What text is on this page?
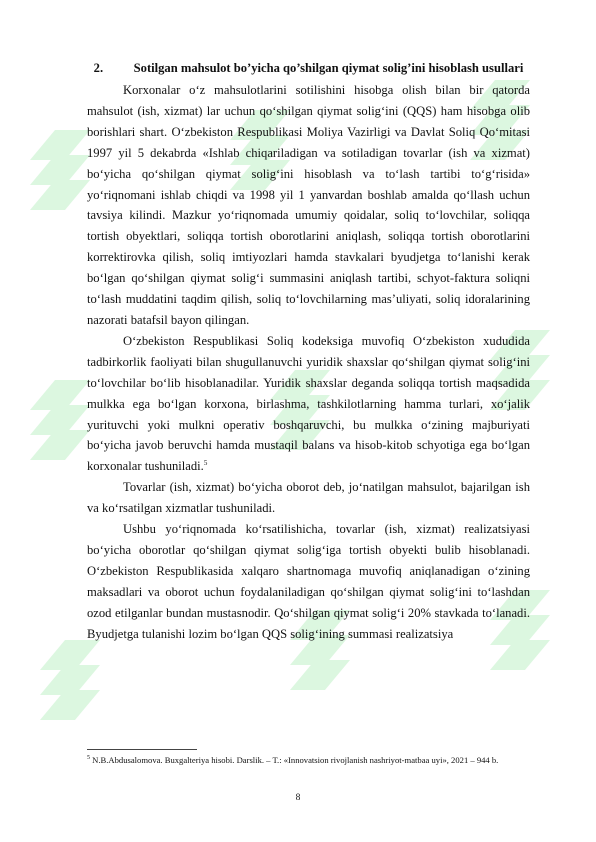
2. Sotilgan mahsulot bo’yicha qo’shilgan qiymat solig’ini hisoblash usullari

Korxonalar o‘z mahsulotlarini sotilishini hisobga olish bilan bir qatorda mahsulot (ish, xizmat) lar uchun qo‘shilgan qiymat solig‘ini (QQS) ham hisobga olib borishlari shart. O‘zbekiston Respublikasi Moliya Vazirligi va Davlat Soliq Qo‘mitasi 1997 yil 5 dekabrda «Ishlab chiqariladigan va sotiladigan tovarlar (ish va xizmat) bo‘yicha qo‘shilgan qiymat solig‘ini hisoblash va to‘lash tartibi to‘g‘risida» yo‘riqnomani ishlab chiqdi va 1998 yil 1 yanvardan boshlab amalda qo‘llash uchun tavsiya kilindi. Mazkur yo‘riqnomada umumiy qoidalar, soliq to‘lovchilar, soliqqa tortish obyektlari, soliqqa tortish oborotlarini aniqlash, soliqqa tortish oborotlarini korrektirovka qilish, soliq imtiyozlari hamda stavkalari byudjetga to‘lanishi kerak bo‘lgan qo‘shilgan qiymat solig‘i summasini aniqlash tartibi, schyot-faktura soliqni to‘lash muddatini taqdim qilish, soliq to‘lovchilarning mas’uliyati, soliq idoralarining nazorati batafsil bayon qilingan.

O‘zbekiston Respublikasi Soliq kodeksiga muvofiq O‘zbekiston xududida tadbirkorlik faoliyati bilan shugullanuvchi yuridik shaxslar qo‘shilgan qiymat solig‘ini to‘lovchilar bo‘lib hisoblanadilar. Yuridik shaxslar deganda soliqqa tortish maqsadida mulkka ega bo‘lgan korxona, birlashma, tashkilotlarning hamma turlari, xo‘jalik yurituvchi yoki mulkni operativ boshqaruvchi, bu mulkka o‘zining majburiyati bo‘yicha javob beruvchi hamda mustaqil balans va hisob-kitob schyotiga ega bo‘lgan korxonalar tushuniladi.$^5$

Tovarlar (ish, xizmat) bo‘yicha oborot deb, jo‘natilgan mahsulot, bajarilgan ish va ko‘rsatilgan xizmatlar tushuniladi.

Ushbu yo‘riqnomada ko‘rsatilishicha, tovarlar (ish, xizmat) realizatsiyasi bo‘yicha oborotlar qo‘shilgan qiymat solig‘iga tortish obyekti bulib hisoblanadi. O‘zbekiston Respublikasida xalqaro shartnomaga muvofiq aniqlanadigan o‘zining maksadlari va oborot uchun foydalaniladigan qo‘shilgan qiymat solig‘ini to‘lashdan ozod etilganlar bundan mustasnodir. Qo‘shilgan qiymat solig‘i 20% stavkada to‘lanadi. Byudjetga tulanishi lozim bo‘lgan QQS solig‘ining summasi realizatsiya

$^5$ N.B.Abdusalomova. Buxgalteriya hisobi. Darslik. – T.: «Innovatsion rivojlanish nashriyot-matbaa uyi», 2021 – 944 b.
8
